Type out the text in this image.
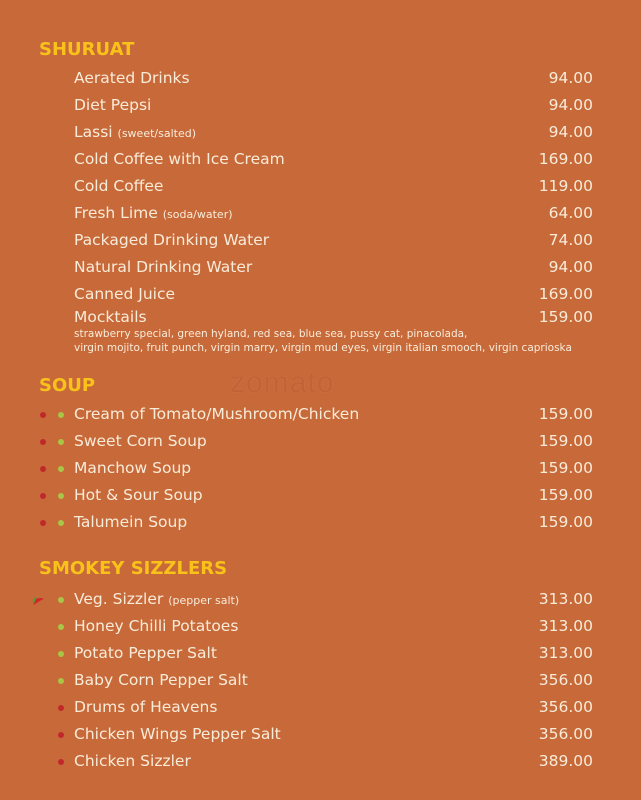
zomato
SHURUAT
Aerated Drinks	94.00
Diet Pepsi	94.00
Lassi (sweet/salted)	94.00
Cold Coffee with Ice Cream	169.00
Cold Coffee	119.00
Fresh Lime (soda/water)	64.00
Packaged Drinking Water	74.00
Natural Drinking Water	94.00
Canned Juice	169.00
Mocktails	159.00
strawberry special, green hyland, red sea, blue sea, pussy cat, pinacolada,
virgin mojito, fruit punch, virgin marry, virgin mud eyes, virgin italian smooch, virgin caprioska
SOUP
Cream of Tomato/Mushroom/Chicken	159.00
Sweet Corn Soup	159.00
Manchow Soup	159.00
Hot & Sour Soup	159.00
Talumein Soup	159.00
SMOKEY SIZZLERS
Veg. Sizzler (pepper salt)	313.00
Honey Chilli Potatoes	313.00
Potato Pepper Salt	313.00
Baby Corn Pepper Salt	356.00
Drums of Heavens	356.00
Chicken Wings Pepper Salt	356.00
Chicken Sizzler	389.00
